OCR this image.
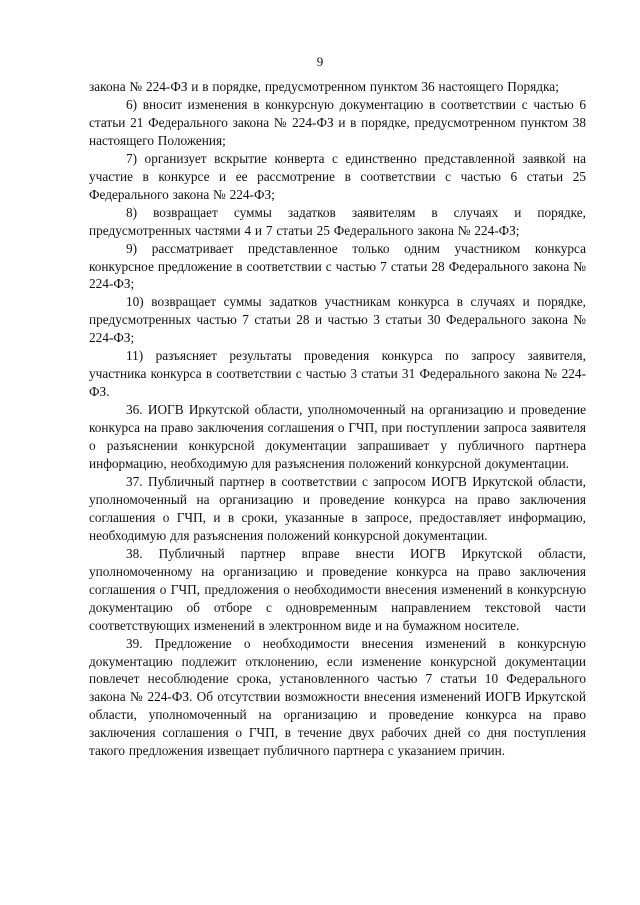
9

закона № 224-ФЗ и в порядке, предусмотренном пунктом 36 настоящего Порядка;

6) вносит изменения в конкурсную документацию в соответствии с частью 6 статьи 21 Федерального закона № 224-ФЗ и в порядке, предусмотренном пунктом 38 настоящего Положения;

7) организует вскрытие конверта с единственно представленной заявкой на участие в конкурсе и ее рассмотрение в соответствии с частью 6 статьи 25 Федерального закона № 224-ФЗ;

8) возвращает суммы задатков заявителям в случаях и порядке, предусмотренных частями 4 и 7 статьи 25 Федерального закона № 224-ФЗ;

9) рассматривает представленное только одним участником конкурса конкурсное предложение в соответствии с частью 7 статьи 28 Федерального закона № 224-ФЗ;

10) возвращает суммы задатков участникам конкурса в случаях и порядке, предусмотренных частью 7 статьи 28 и частью 3 статьи 30 Федерального закона № 224-ФЗ;

11) разъясняет результаты проведения конкурса по запросу заявителя, участника конкурса в соответствии с частью 3 статьи 31 Федерального закона № 224-ФЗ.

36. ИОГВ Иркутской области, уполномоченный на организацию и проведение конкурса на право заключения соглашения о ГЧП, при поступлении запроса заявителя о разъяснении конкурсной документации запрашивает у публичного партнера информацию, необходимую для разъяснения положений конкурсной документации.

37. Публичный партнер в соответствии с запросом ИОГВ Иркутской области, уполномоченный на организацию и проведение конкурса на право заключения соглашения о ГЧП, и в сроки, указанные в запросе, предоставляет информацию, необходимую для разъяснения положений конкурсной документации.

38. Публичный партнер вправе внести ИОГВ Иркутской области, уполномоченному на организацию и проведение конкурса на право заключения соглашения о ГЧП, предложения о необходимости внесения изменений в конкурсную документацию об отборе с одновременным направлением текстовой части соответствующих изменений в электронном виде и на бумажном носителе.

39. Предложение о необходимости внесения изменений в конкурсную документацию подлежит отклонению, если изменение конкурсной документации повлечет несоблюдение срока, установленного частью 7 статьи 10 Федерального закона № 224-ФЗ. Об отсутствии возможности внесения изменений ИОГВ Иркутской области, уполномоченный на организацию и проведение конкурса на право заключения соглашения о ГЧП, в течение двух рабочих дней со дня поступления такого предложения извещает публичного партнера с указанием причин.
